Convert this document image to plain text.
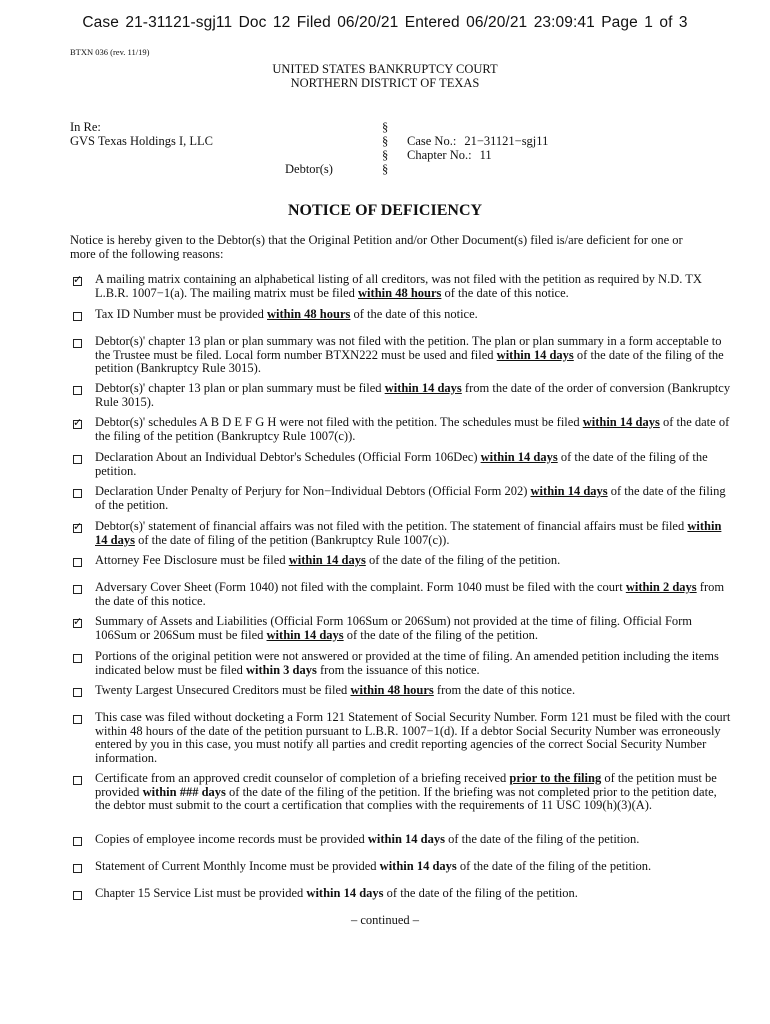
Case 21-31121-sgj11 Doc 12 Filed 06/20/21 Entered 06/20/21 23:09:41 Page 1 of 3
BTXN 036 (rev. 11/19)
UNITED STATES BANKRUPTCY COURT
NORTHERN DISTRICT OF TEXAS
In Re:
GVS Texas Holdings I, LLC
Debtor(s)
§
§
§
§
Case No.: 21−31121−sgj11
Chapter No.: 11
NOTICE OF DEFICIENCY
Notice is hereby given to the Debtor(s) that the Original Petition and/or Other Document(s) filed is/are deficient for one or more of the following reasons:
✓ A mailing matrix containing an alphabetical listing of all creditors, was not filed with the petition as required by N.D. TX L.B.R. 1007−1(a). The mailing matrix must be filed within 48 hours of the date of this notice.
Tax ID Number must be provided within 48 hours of the date of this notice.
Debtor(s)' chapter 13 plan or plan summary was not filed with the petition. The plan or plan summary in a form acceptable to the Trustee must be filed. Local form number BTXN222 must be used and filed within 14 days of the date of the filing of the petition (Bankruptcy Rule 3015).
Debtor(s)' chapter 13 plan or plan summary must be filed within 14 days from the date of the order of conversion (Bankruptcy Rule 3015).
✓ Debtor(s)' schedules A B D E F G H were not filed with the petition. The schedules must be filed within 14 days of the date of the filing of the petition (Bankruptcy Rule 1007(c)).
Declaration About an Individual Debtor's Schedules (Official Form 106Dec) within 14 days of the date of the filing of the petition.
Declaration Under Penalty of Perjury for Non−Individual Debtors (Official Form 202) within 14 days of the date of the filing of the petition.
✓ Debtor(s)' statement of financial affairs was not filed with the petition. The statement of financial affairs must be filed within 14 days of the date of filing of the petition (Bankruptcy Rule 1007(c)).
Attorney Fee Disclosure must be filed within 14 days of the date of the filing of the petition.
Adversary Cover Sheet (Form 1040) not filed with the complaint. Form 1040 must be filed with the court within 2 days from the date of this notice.
✓ Summary of Assets and Liabilities (Official Form 106Sum or 206Sum) not provided at the time of filing. Official Form 106Sum or 206Sum must be filed within 14 days of the date of the filing of the petition.
Portions of the original petition were not answered or provided at the time of filing. An amended petition including the items indicated below must be filed within 3 days from the issuance of this notice.
Twenty Largest Unsecured Creditors must be filed within 48 hours from the date of this notice.
This case was filed without docketing a Form 121 Statement of Social Security Number. Form 121 must be filed with the court within 48 hours of the date of the petition pursuant to L.B.R. 1007−1(d). If a debtor Social Security Number was erroneously entered by you in this case, you must notify all parties and credit reporting agencies of the correct Social Security Number information.
Certificate from an approved credit counselor of completion of a briefing received prior to the filing of the petition must be provided within ### days of the date of the filing of the petition. If the briefing was not completed prior to the petition date, the debtor must submit to the court a certification that complies with the requirements of 11 USC 109(h)(3)(A).
Copies of employee income records must be provided within 14 days of the date of the filing of the petition.
Statement of Current Monthly Income must be provided within 14 days of the date of the filing of the petition.
Chapter 15 Service List must be provided within 14 days of the date of the filing of the petition.
– continued –
